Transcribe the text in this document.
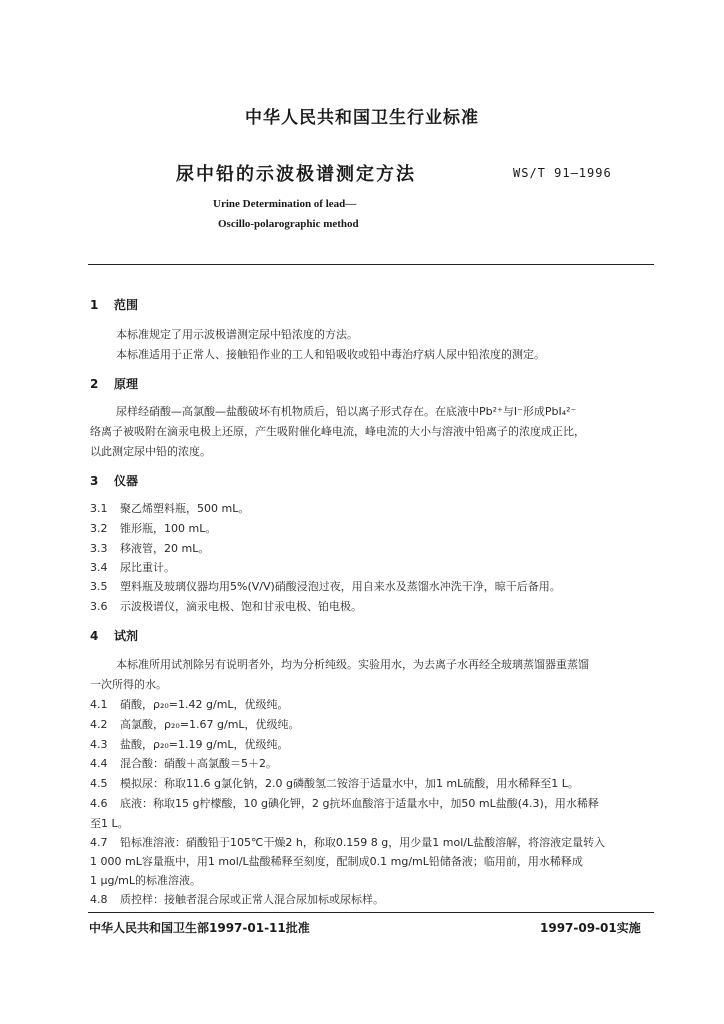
中华人民共和国卫生行业标准
尿中铅的示波极谱测定方法	WS/T 91—1996
Urine Determination of lead—
Oscillo-polarographic method
1 范围
本标准规定了用示波极谱测定尿中铅浓度的方法。
本标准适用于正常人、接触铅作业的工人和铅吸收或铅中毒治疗病人尿中铅浓度的测定。
2 原理
尿样经硝酸—高氯酸—盐酸破坏有机物质后，铅以离子形式存在。在底液中Pb²⁺与I⁻形成PbI₄²⁻
络离子被吸附在滴汞电极上还原，产生吸附催化峰电流，峰电流的大小与溶液中铅离子的浓度成正比，
以此测定尿中铅的浓度。
3 仪器
3.1 聚乙烯塑料瓶，500 mL。
3.2 锥形瓶，100 mL。
3.3 移液管，20 mL。
3.4 尿比重计。
3.5 塑料瓶及玻璃仪器均用5%(V/V)硝酸浸泡过夜，用自来水及蒸馏水冲洗干净，晾干后备用。
3.6 示波极谱仪，滴汞电极、饱和甘汞电极、铂电极。
4 试剂
本标准所用试剂除另有说明者外，均为分析纯级。实验用水，为去离子水再经全玻璃蒸馏器重蒸馏
一次所得的水。
4.1 硝酸，ρ₂₀=1.42 g/mL，优级纯。
4.2 高氯酸，ρ₂₀=1.67 g/mL，优级纯。
4.3 盐酸，ρ₂₀=1.19 g/mL，优级纯。
4.4 混合酸：硝酸＋高氯酸＝5＋2。
4.5 模拟尿：称取11.6 g氯化钠，2.0 g磷酸氢二铵溶于适量水中，加1 mL硫酸，用水稀释至1 L。
4.6 底液：称取15 g柠檬酸，10 g碘化钾，2 g抗坏血酸溶于适量水中，加50 mL盐酸(4.3)，用水稀释
至1 L。
4.7 铅标准溶液：硝酸铅于105℃干燥2 h，称取0.159 8 g，用少量1 mol/L盐酸溶解，将溶液定量转入
1 000 mL容量瓶中，用1 mol/L盐酸稀释至刻度，配制成0.1 mg/mL铅储备液；临用前，用水稀释成
1 μg/mL的标准溶液。
4.8 质控样：接触者混合尿或正常人混合尿加标或尿标样。
中华人民共和国卫生部1997-01-11批准	1997-09-01实施
